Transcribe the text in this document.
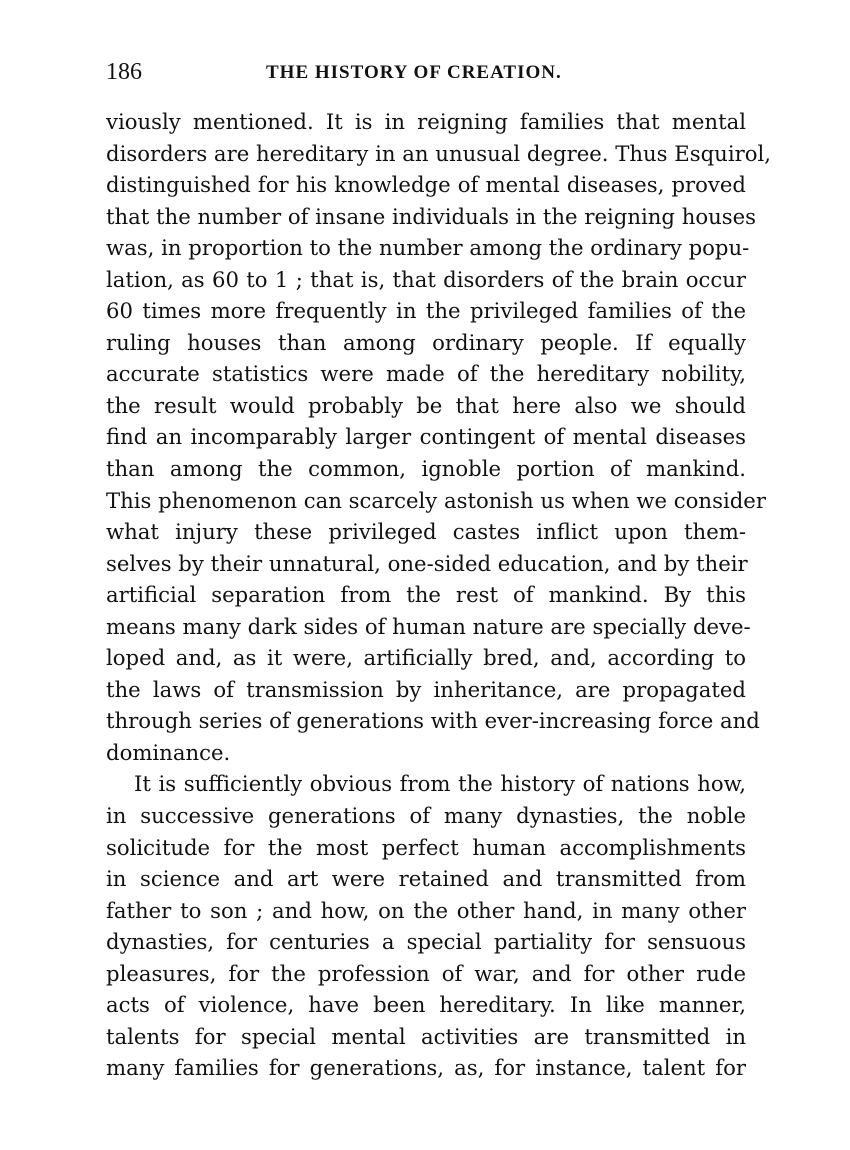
186	THE HISTORY OF CREATION.
viously mentioned. It is in reigning families that mental
disorders are hereditary in an unusual degree. Thus Esquirol,
distinguished for his knowledge of mental diseases, proved
that the number of insane individuals in the reigning houses
was, in proportion to the number among the ordinary popu-
lation, as 60 to 1 ; that is, that disorders of the brain occur
60 times more frequently in the privileged families of the
ruling houses than among ordinary people. If equally
accurate statistics were made of the hereditary nobility,
the result would probably be that here also we should
find an incomparably larger contingent of mental diseases
than among the common, ignoble portion of mankind.
This phenomenon can scarcely astonish us when we consider
what injury these privileged castes inflict upon them-
selves by their unnatural, one-sided education, and by their
artificial separation from the rest of mankind. By this
means many dark sides of human nature are specially deve-
loped and, as it were, artificially bred, and, according to
the laws of transmission by inheritance, are propagated
through series of generations with ever-increasing force and
dominance.
It is sufficiently obvious from the history of nations how,
in successive generations of many dynasties, the noble
solicitude for the most perfect human accomplishments
in science and art were retained and transmitted from
father to son ; and how, on the other hand, in many other
dynasties, for centuries a special partiality for sensuous
pleasures, for the profession of war, and for other rude
acts of violence, have been hereditary. In like manner,
talents for special mental activities are transmitted in
many families for generations, as, for instance, talent for
